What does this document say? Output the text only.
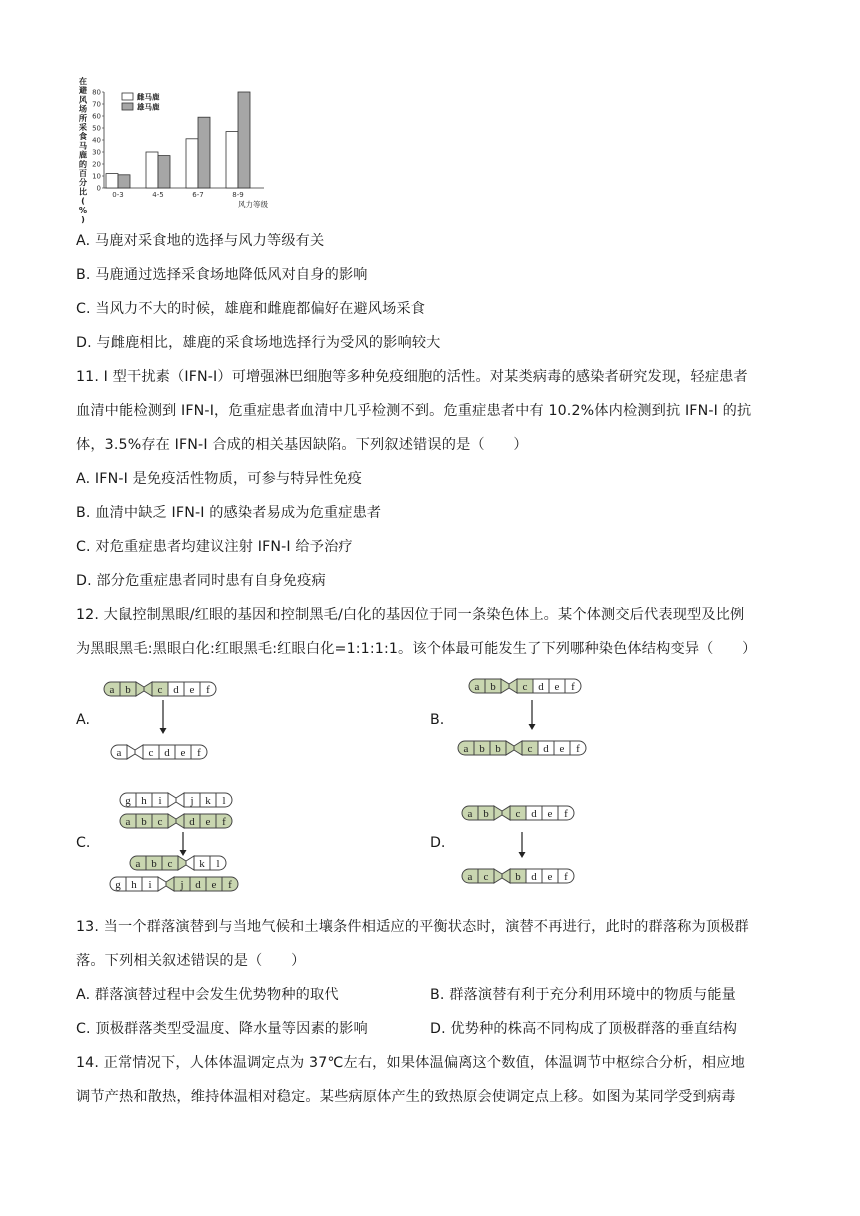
在
避
风
场
所
采
食
马
鹿
的
百
分
比
(
%
)
0
10
20
30
40
50
60
70
80
0-3	4-5	6-7	8-9
雌马鹿
雄马鹿
风力等级
A. 马鹿对采食地的选择与风力等级有关
B. 马鹿通过选择采食场地降低风对自身的影响
C. 当风力不大的时候，雄鹿和雌鹿都偏好在避风场采食
D. 与雌鹿相比，雄鹿的采食场地选择行为受风的影响较大
11. I 型干扰素（IFN-I）可增强淋巴细胞等多种免疫细胞的活性。对某类病毒的感染者研究发现，轻症患者
血清中能检测到 IFN-I，危重症患者血清中几乎检测不到。危重症患者中有 10.2%体内检测到抗 IFN-I 的抗
体，3.5%存在 IFN-I 合成的相关基因缺陷。下列叙述错误的是（　　）
A. IFN-I 是免疫活性物质，可参与特异性免疫
B. 血清中缺乏 IFN-I 的感染者易成为危重症患者
C. 对危重症患者均建议注射 IFN-I 给予治疗
D. 部分危重症患者同时患有自身免疫病
12. 大鼠控制黑眼/红眼的基因和控制黑毛/白化的基因位于同一条染色体上。某个体测交后代表现型及比例
为黑眼黑毛:黑眼白化:红眼黑毛:红眼白化=1:1:1:1。该个体最可能发生了下列哪种染色体结构变异（　　）
A.	B.
C.	D.
a b c d e f
a c d e f
a b c d e f
a b b c d e f
g h i	j k l
a b c d e f
a b c k l
g h i	j d e f
a b c d e f
a c b d e f
13. 当一个群落演替到与当地气候和土壤条件相适应的平衡状态时，演替不再进行，此时的群落称为顶极群
落。下列相关叙述错误的是（　　）
A. 群落演替过程中会发生优势物种的取代	B. 群落演替有利于充分利用环境中的物质与能量
C. 顶极群落类型受温度、降水量等因素的影响	D. 优势种的株高不同构成了顶极群落的垂直结构
14. 正常情况下，人体体温调定点为 37℃左右，如果体温偏离这个数值，体温调节中枢综合分析，相应地
调节产热和散热，维持体温相对稳定。某些病原体产生的致热原会使调定点上移。如图为某同学受到病毒
